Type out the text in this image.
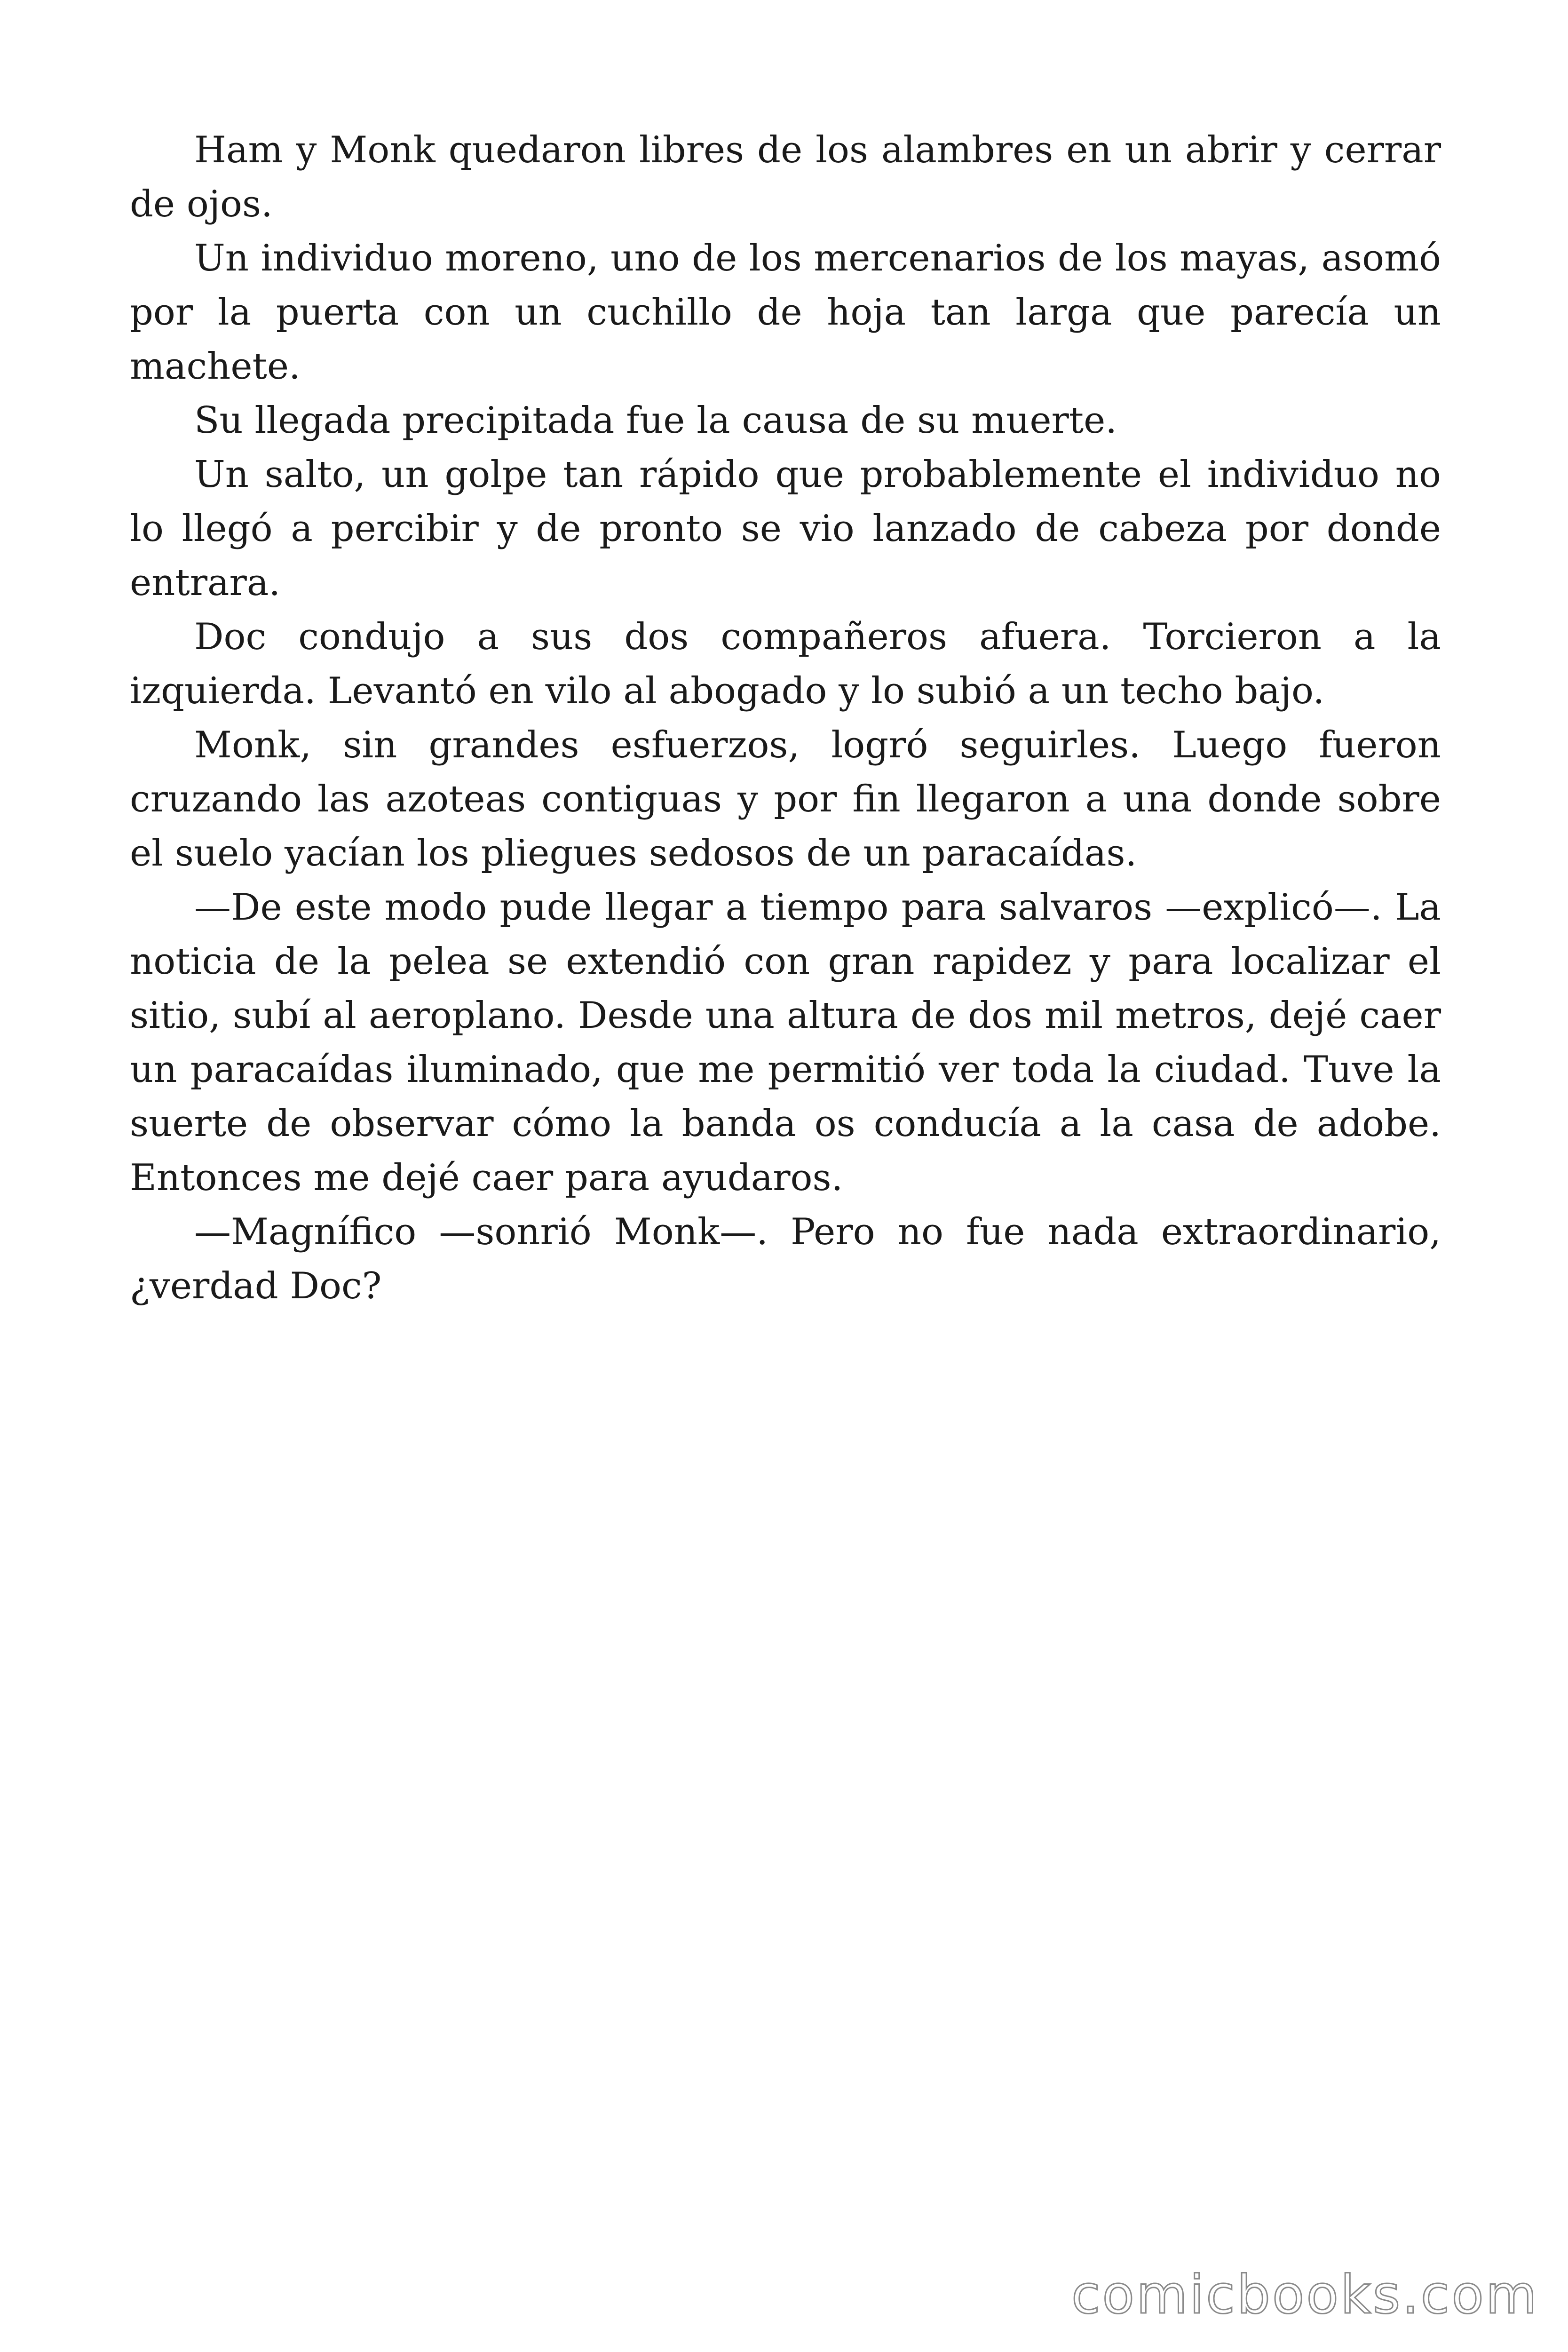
Ham y Monk quedaron libres de los alambres en un abrir y cerrar de ojos.

Un individuo moreno, uno de los mercenarios de los mayas, asomó por la puerta con un cuchillo de hoja tan larga que parecía un machete.

Su llegada precipitada fue la causa de su muerte.

Un salto, un golpe tan rápido que probablemente el individuo no lo llegó a percibir y de pronto se vio lanzado de cabeza por donde entrara.

Doc condujo a sus dos compañeros afuera. Torcieron a la izquierda. Levantó en vilo al abogado y lo subió a un techo bajo.

Monk, sin grandes esfuerzos, logró seguirles. Luego fueron cruzando las azoteas contiguas y por fin llegaron a una donde sobre el suelo yacían los pliegues sedosos de un paracaídas.

—De este modo pude llegar a tiempo para salvaros —explicó—. La noticia de la pelea se extendió con gran rapidez y para localizar el sitio, subí al aeroplano. Desde una altura de dos mil metros, dejé caer un paracaídas iluminado, que me permitió ver toda la ciudad. Tuve la suerte de observar cómo la banda os conducía a la casa de adobe. Entonces me dejé caer para ayudaros.

—Magnífico —sonrió Monk—. Pero no fue nada extraordinario, ¿verdad Doc?

comicbooks.com
